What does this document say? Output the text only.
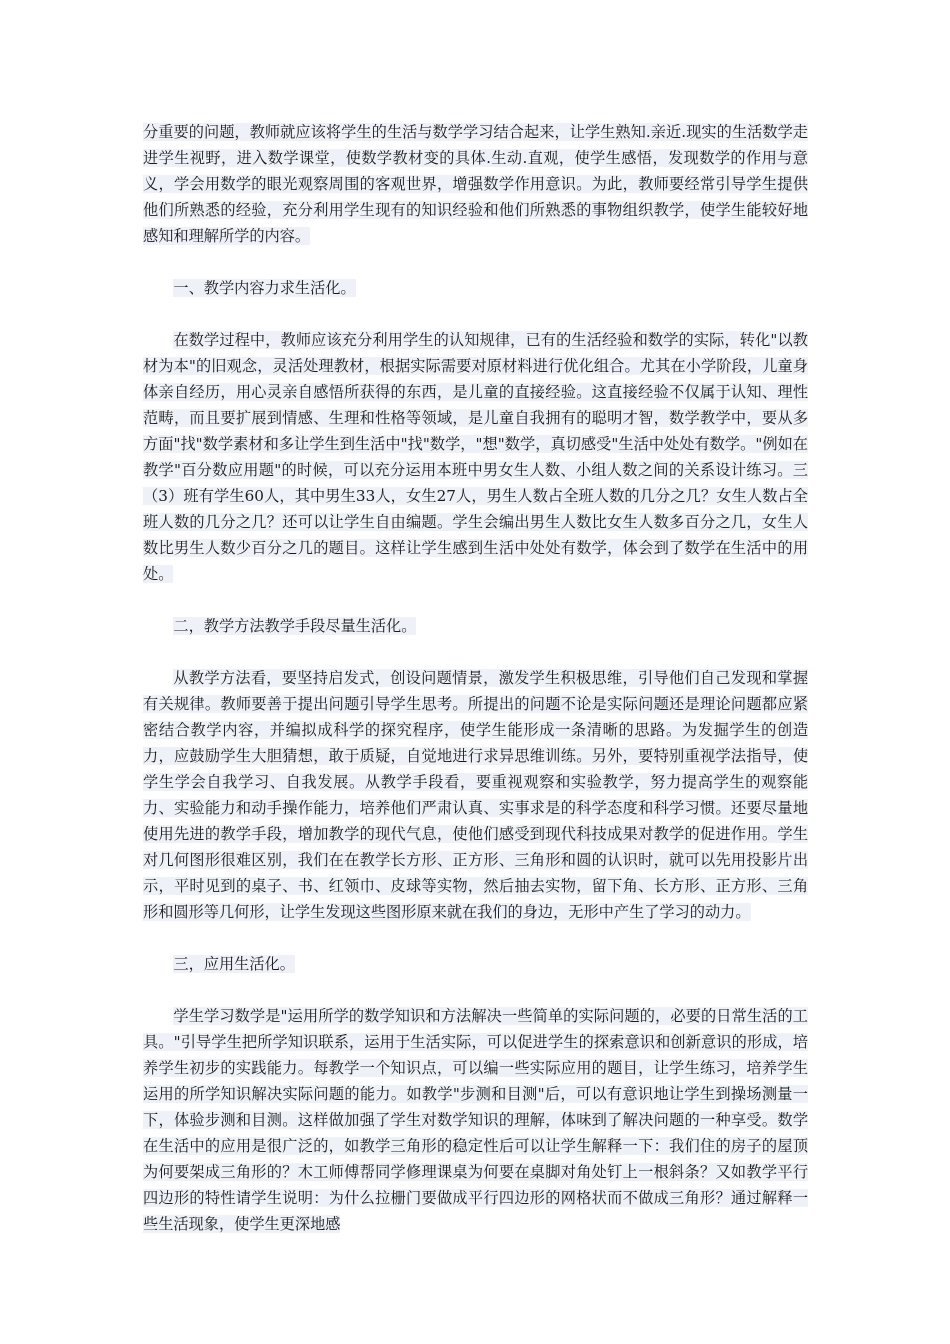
分重要的问题，教师就应该将学生的生活与数学学习结合起来，让学生熟知.亲近.现实的生活数学走进学生视野，进入数学课堂，使数学教材变的具体.生动.直观，使学生感悟，发现数学的作用与意义，学会用数学的眼光观察周围的客观世界，增强数学作用意识。为此，教师要经常引导学生提供他们所熟悉的经验，充分利用学生现有的知识经验和他们所熟悉的事物组织教学，使学生能较好地感知和理解所学的内容。

一、教学内容力求生活化。

在数学过程中，教师应该充分利用学生的认知规律，已有的生活经验和数学的实际，转化"以教材为本"的旧观念，灵活处理教材，根据实际需要对原材料进行优化组合。尤其在小学阶段，儿童身体亲自经历，用心灵亲自感悟所获得的东西，是儿童的直接经验。这直接经验不仅属于认知、理性范畴，而且要扩展到情感、生理和性格等领域，是儿童自我拥有的聪明才智，数学教学中，要从多方面"找"数学素材和多让学生到生活中"找"数学，"想"数学，真切感受"生活中处处有数学。"例如在教学"百分数应用题"的时候，可以充分运用本班中男女生人数、小组人数之间的关系设计练习。三（3）班有学生60人，其中男生33人，女生27人，男生人数占全班人数的几分之几？女生人数占全班人数的几分之几？还可以让学生自由编题。学生会编出男生人数比女生人数多百分之几，女生人数比男生人数少百分之几的题目。这样让学生感到生活中处处有数学，体会到了数学在生活中的用处。

二，教学方法教学手段尽量生活化。

从教学方法看，要坚持启发式，创设问题情景，激发学生积极思维，引导他们自己发现和掌握有关规律。教师要善于提出问题引导学生思考。所提出的问题不论是实际问题还是理论问题都应紧密结合教学内容，并编拟成科学的探究程序，使学生能形成一条清晰的思路。为发掘学生的创造力，应鼓励学生大胆猜想，敢于质疑，自觉地进行求异思维训练。另外，要特别重视学法指导，使学生学会自我学习、自我发展。从教学手段看，要重视观察和实验教学，努力提高学生的观察能力、实验能力和动手操作能力，培养他们严肃认真、实事求是的科学态度和科学习惯。还要尽量地使用先进的教学手段，增加教学的现代气息，使他们感受到现代科技成果对教学的促进作用。学生对几何图形很难区别，我们在在教学长方形、正方形、三角形和圆的认识时，就可以先用投影片出示，平时见到的桌子、书、红领巾、皮球等实物，然后抽去实物，留下角、长方形、正方形、三角形和圆形等几何形，让学生发现这些图形原来就在我们的身边，无形中产生了学习的动力。

三，应用生活化。

学生学习数学是"运用所学的数学知识和方法解决一些简单的实际问题的，必要的日常生活的工具。"引导学生把所学知识联系，运用于生活实际，可以促进学生的探索意识和创新意识的形成，培养学生初步的实践能力。每教学一个知识点，可以编一些实际应用的题目，让学生练习，培养学生运用的所学知识解决实际问题的能力。如教学"步测和目测"后，可以有意识地让学生到操场测量一下，体验步测和目测。这样做加强了学生对数学知识的理解，体味到了解决问题的一种享受。数学在生活中的应用是很广泛的，如教学三角形的稳定性后可以让学生解释一下：我们住的房子的屋顶为何要架成三角形的？木工师傅帮同学修理课桌为何要在桌脚对角处钉上一根斜条？又如教学平行四边形的特性请学生说明：为什么拉栅门要做成平行四边形的网格状而不做成三角形？通过解释一些生活现象，使学生更深地感
